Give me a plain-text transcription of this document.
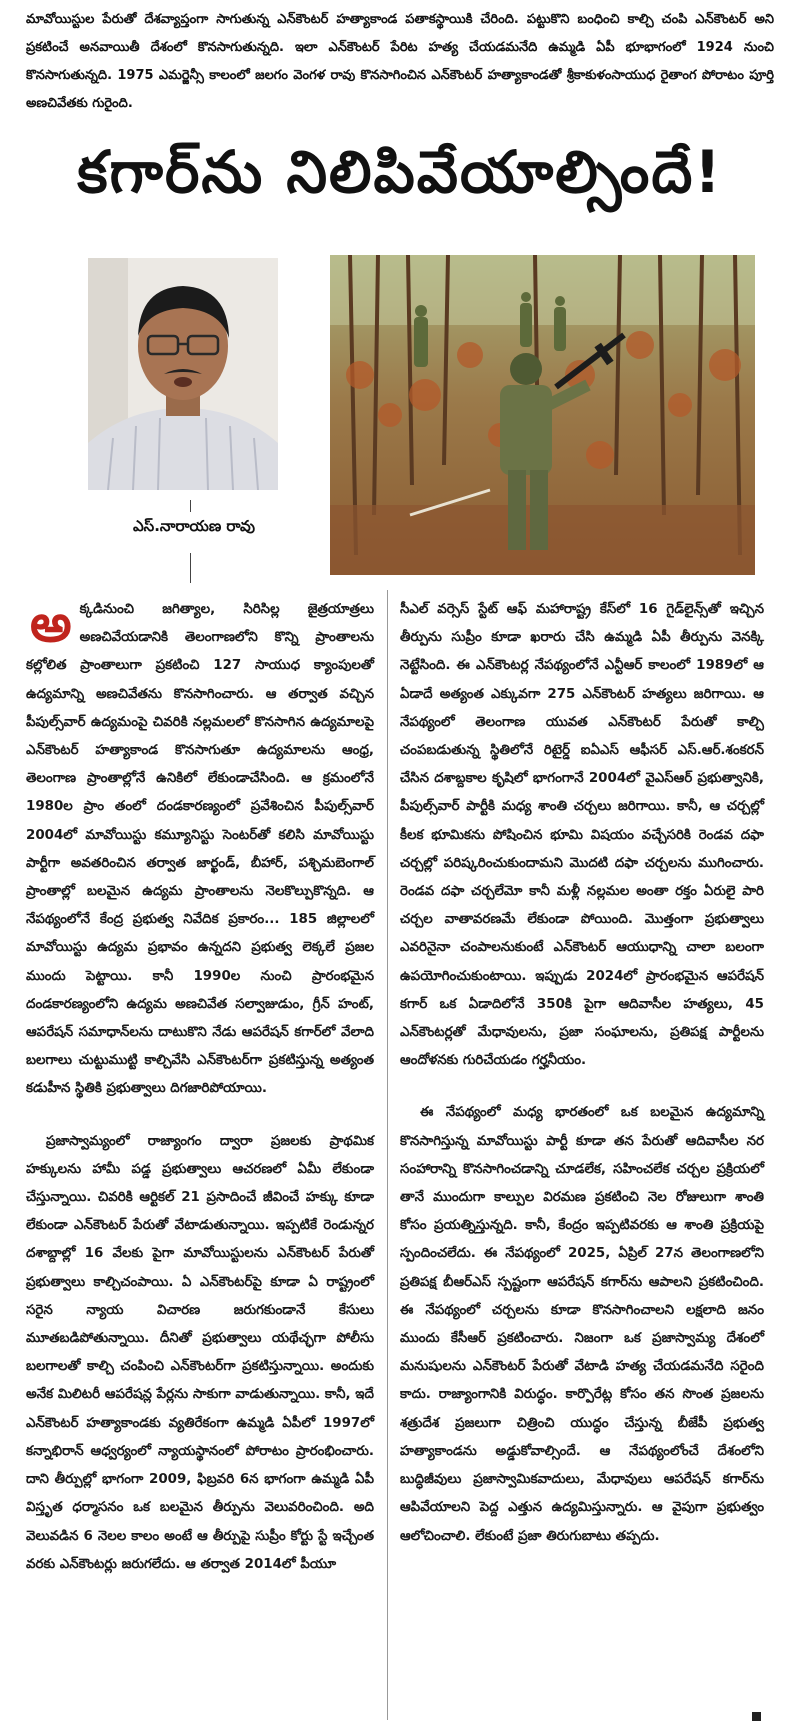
మావోయిస్టుల పేరుతో దేశవ్యాప్తంగా సాగుతున్న ఎన్‌కౌంటర్ హత్యాకాండ పతాకస్థాయికి చేరింది. పట్టుకొని బంధించి కాల్చి చంపి ఎన్‌కౌంటర్ అని ప్రకటించే అనవాయితీ దేశంలో కొనసాగుతున్నది. ఇలా ఎన్‌కౌంటర్ పేరిట హత్య చేయడమనేది ఉమ్మడి ఏపీ భూభాగంలో 1924 నుంచి కొనసాగుతున్నది. 1975 ఎమర్జెన్సీ కాలంలో జలగం వెంగళ రావు కొనసాగించిన ఎన్‌కౌంటర్ హత్యాకాండతో శ్రీకాకుళంసాయుధ రైతాంగ పోరాటం పూర్తి అణచివేతకు గురైంది.
కగార్‌ను నిలిపివేయాల్సిందే!
ఎస్.నారాయణ రావు

అ క్కడినుంచి జగిత్యాల, సిరిసిల్ల జైత్రయాత్రలు అణచివేయడానికి తెలంగాణలోని కొన్ని ప్రాంతాలను కల్లోలిత ప్రాంతాలుగా ప్రకటించి 127 సాయుధ క్యాంపులతో ఉద్యమాన్ని అణచివేతను కొనసాగించారు. ఆ తర్వాత వచ్చిన పీపుల్స్‌వార్ ఉద్యమంపై చివరికి నల్లమలలో కొనసాగిన ఉద్యమాలపై ఎన్‌కౌంటర్ హత్యాకాండ కొనసాగుతూ ఉద్యమాలను ఆంధ్ర, తెలంగాణ ప్రాంతాల్లోనే ఉనికిలో లేకుండాచేసింది. ఆ క్రమంలోనే 1980ల ప్రాం తంలో దండకారణ్యంలో ప్రవేశించిన పీపుల్స్‌వార్ 2004లో మావోయిస్టు కమ్యూనిస్టు సెంటర్‌తో కలిసి మావోయిస్టు పార్టీగా అవతరించిన తర్వాత జార్ఖండ్, బీహార్, పశ్చిమబెంగాల్ ప్రాంతాల్లో బలమైన ఉద్యమ ప్రాంతాలను నెలకొల్పుకొన్నది. ఆ నేపథ్యంలోనే కేంద్ర ప్రభుత్వ నివేదిక ప్రకారం... 185 జిల్లాలలో మావోయిస్టు ఉద్యమ ప్రభావం ఉన్నదని ప్రభుత్వ లెక్కలే ప్రజల ముందు పెట్టాయి. కానీ 1990ల నుంచి ప్రారంభమైన దండకారణ్యంలోని ఉద్యమ అణచివేత సల్వాజుడుం, గ్రీన్ హంట్, ఆపరేషన్ సమాధాన్‌లను దాటుకొని నేడు ఆపరేషన్ కగార్‌లో వేలాది బలగాలు చుట్టుముట్టి కాల్చివేసి ఎన్‌కౌంటర్‌గా ప్రకటిస్తున్న అత్యంత కడుహీన స్థితికి ప్రభుత్వాలు దిగజారిపోయాయి.

ప్రజాస్వామ్యంలో రాజ్యాంగం ద్వారా ప్రజలకు ప్రాథమిక హక్కులను హామీ పడ్డ ప్రభుత్వాలు ఆచరణలో ఏమీ లేకుండా చేస్తున్నాయి. చివరికి ఆర్టికల్ 21 ప్రసాదించే జీవించే హక్కు కూడా లేకుండా ఎన్‌కౌంటర్ పేరుతో వేటాడుతున్నాయి. ఇప్పటికే రెండున్నర దశాబ్దాల్లో 16 వేలకు పైగా మావోయిస్టులను ఎన్‌కౌంటర్ పేరుతో ప్రభుత్వాలు కాల్చిచంపాయి. ఏ ఎన్‌కౌంటర్‌పై కూడా ఏ రాష్ట్రంలో సరైన న్యాయ విచారణ జరుగకుండానే కేసులు మూతబడిపోతున్నాయి. దీనితో ప్రభుత్వాలు యథేచ్ఛగా పోలీసు బలగాలతో కాల్చి చంపించి ఎన్‌కౌంటర్‌గా ప్రకటిస్తున్నాయి. అందుకు అనేక మిలిటరీ ఆపరేషన్ల పేర్లను సాకుగా వాడుతున్నాయి. కానీ, ఇదే ఎన్‌కౌంటర్ హత్యాకాండకు వ్యతిరేకంగా ఉమ్మడి ఏపీలో 1997లో కన్నాభిరాన్ ఆధ్వర్యంలో న్యాయస్థానంలో పోరాటం ప్రారంభించారు. దాని తీర్పుల్లో భాగంగా 2009, ఫిబ్రవరి 6న భాగంగా ఉమ్మడి ఏపీ విస్తృత ధర్మాసనం ఒక బలమైన తీర్పును వెలువరించింది. అది వెలువడిన 6 నెలల కాలం అంటే ఆ తీర్పుపై సుప్రీం కోర్టు స్టే ఇచ్చేంత వరకు ఎన్‌కౌంటర్లు జరుగలేదు. ఆ తర్వాత 2014లో పీయూ

సీఎల్ వర్సెస్ స్టేట్ ఆఫ్ మహారాష్ట్ర కేస్‌లో 16 గైడ్‌లైన్స్‌తో ఇచ్చిన తీర్పును సుప్రీం కూడా ఖరారు చేసి ఉమ్మడి ఏపీ తీర్పును వెనక్కి నెట్టేసింది. ఈ ఎన్‌కౌంటర్ల నేపథ్యంలోనే ఎన్టీఆర్ కాలంలో 1989లో ఆ ఏడాదే అత్యంత ఎక్కువగా 275 ఎన్‌కౌంటర్ హత్యలు జరిగాయి. ఆ నేపథ్యంలో తెలంగాణ యువత ఎన్‌కౌంటర్ పేరుతో కాల్చి చంపబడుతున్న స్థితిలోనే రిటైర్డ్ ఐఏఎస్ ఆఫీసర్ ఎస్.ఆర్.శంకరన్ చేసిన దశాబ్దకాల కృషిలో భాగంగానే 2004లో వైఎస్‌ఆర్ ప్రభుత్వానికి, పీపుల్స్‌వార్ పార్టీకి మధ్య శాంతి చర్చలు జరిగాయి. కానీ, ఆ చర్చల్లో కీలక భూమికను పోషించిన భూమి విషయం వచ్చేసరికి రెండవ దఫా చర్చల్లో పరిష్కరించుకుందామని మొదటి దఫా చర్చలను ముగించారు. రెండవ దఫా చర్చలేమో కానీ మళ్లీ నల్లమల అంతా రక్తం ఏరులై పారి చర్చల వాతావరణమే లేకుండా పోయింది. మొత్తంగా ప్రభుత్వాలు ఎవరినైనా చంపాలనుకుంటే ఎన్‌కౌంటర్ ఆయుధాన్ని చాలా బలంగా ఉపయోగించుకుంటాయి. ఇప్పుడు 2024లో ప్రారంభమైన ఆపరేషన్ కగార్ ఒక ఏడాదిలోనే 350కి పైగా ఆదివాసీల హత్యలు, 45 ఎన్‌కౌంటర్లతో మేధావులను, ప్రజా సంఘాలను, ప్రతిపక్ష పార్టీలను ఆందోళనకు గురిచేయడం గర్హనీయం.

ఈ నేపథ్యంలో మధ్య భారతంలో ఒక బలమైన ఉద్యమాన్ని కొనసాగిస్తున్న మావోయిస్టు పార్టీ కూడా తన పేరుతో ఆదివాసీల నర సంహారాన్ని కొనసాగించడాన్ని చూడలేక, సహించలేక చర్చల ప్రక్రియలో తానే ముందుగా కాల్పుల విరమణ ప్రకటించి నెల రోజులుగా శాంతి కోసం ప్రయత్నిస్తున్నది. కానీ, కేంద్రం ఇప్పటివరకు ఆ శాంతి ప్రక్రియపై స్పందించలేదు. ఈ నేపథ్యంలో 2025, ఏప్రిల్ 27న తెలంగాణలోని ప్రతిపక్ష బీఆర్‌ఎస్ స్పష్టంగా ఆపరేషన్ కగార్‌ను ఆపాలని ప్రకటించింది. ఈ నేపథ్యంలో చర్చలను కూడా కొనసాగించాలని లక్షలాది జనం ముందు కేసీఆర్ ప్రకటించారు. నిజంగా ఒక ప్రజాస్వామ్య దేశంలో మనుషులను ఎన్‌కౌంటర్ పేరుతో వేటాడి హత్య చేయడమనేది సరైంది కాదు. రాజ్యాంగానికి విరుద్ధం. కార్పొరేట్ల కోసం తన సొంత ప్రజలను శత్రుదేశ ప్రజలుగా చిత్రించి యుద్ధం చేస్తున్న బీజేపీ ప్రభుత్వ హత్యాకాండను అడ్డుకోవాల్సిందే. ఆ నేపథ్యంలోంచే దేశంలోని బుద్ధిజీవులు ప్రజాస్వామికవాదులు, మేధావులు ఆపరేషన్ కగార్‌ను ఆపివేయాలని పెద్ద ఎత్తున ఉద్యమిస్తున్నారు. ఆ వైపుగా ప్రభుత్వం ఆలోచించాలి. లేకుంటే ప్రజా తిరుగుబాటు తప్పదు.
